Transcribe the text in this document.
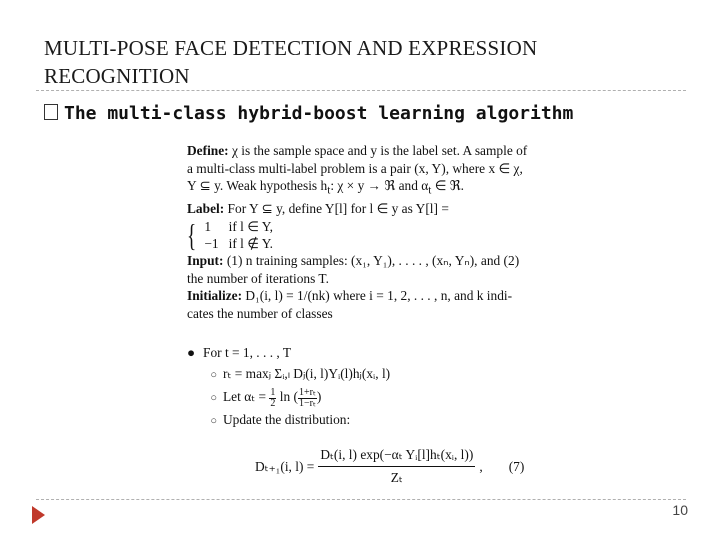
MULTI-POSE FACE DETECTION AND EXPRESSION
RECOGNITION
The multi-class hybrid-boost learning algorithm
Define: χ is the sample space and y is the label set. A sample of
a multi-class multi-label problem is a pair (x, Y), where x ∈ χ,
Y ⊆ y. Weak hypothesis $h_t$: χ × y → ℜ and $\alpha_t$ ∈ ℜ.
Label: For Y ⊆ y, define Y[l] for l ∈ y as Y[l] =
{ 1	if l ∈ Y,
−1	if l ∉ Y.
Input: (1) n training samples: (x₁, Y₁), . . . . , (xₙ, Yₙ), and (2)
the number of iterations T.
Initialize: D₁(i, l) = 1/(nk) where i = 1, 2, . . . , n, and k indi-
cates the number of classes
● For t = 1, . . . , T
○ rₜ = maxⱼ Σᵢ,ₗ Dⱼ(i, l)Yᵢ(l)hⱼ(xᵢ, l)
○ Let $\alpha_t = \frac{1}{2}$ ln ( $\frac{\text{1+rₜ}}{\text{1−rₜ}}$ )
○ Update the distribution:
Dₜ₊₁(i, $l) = \frac{\text{Dₜ(i, l) exp(−αₜ Yᵢ[l]hₜ(xᵢ, l))}}{\text{Zₜ}}$ , (7)
10
